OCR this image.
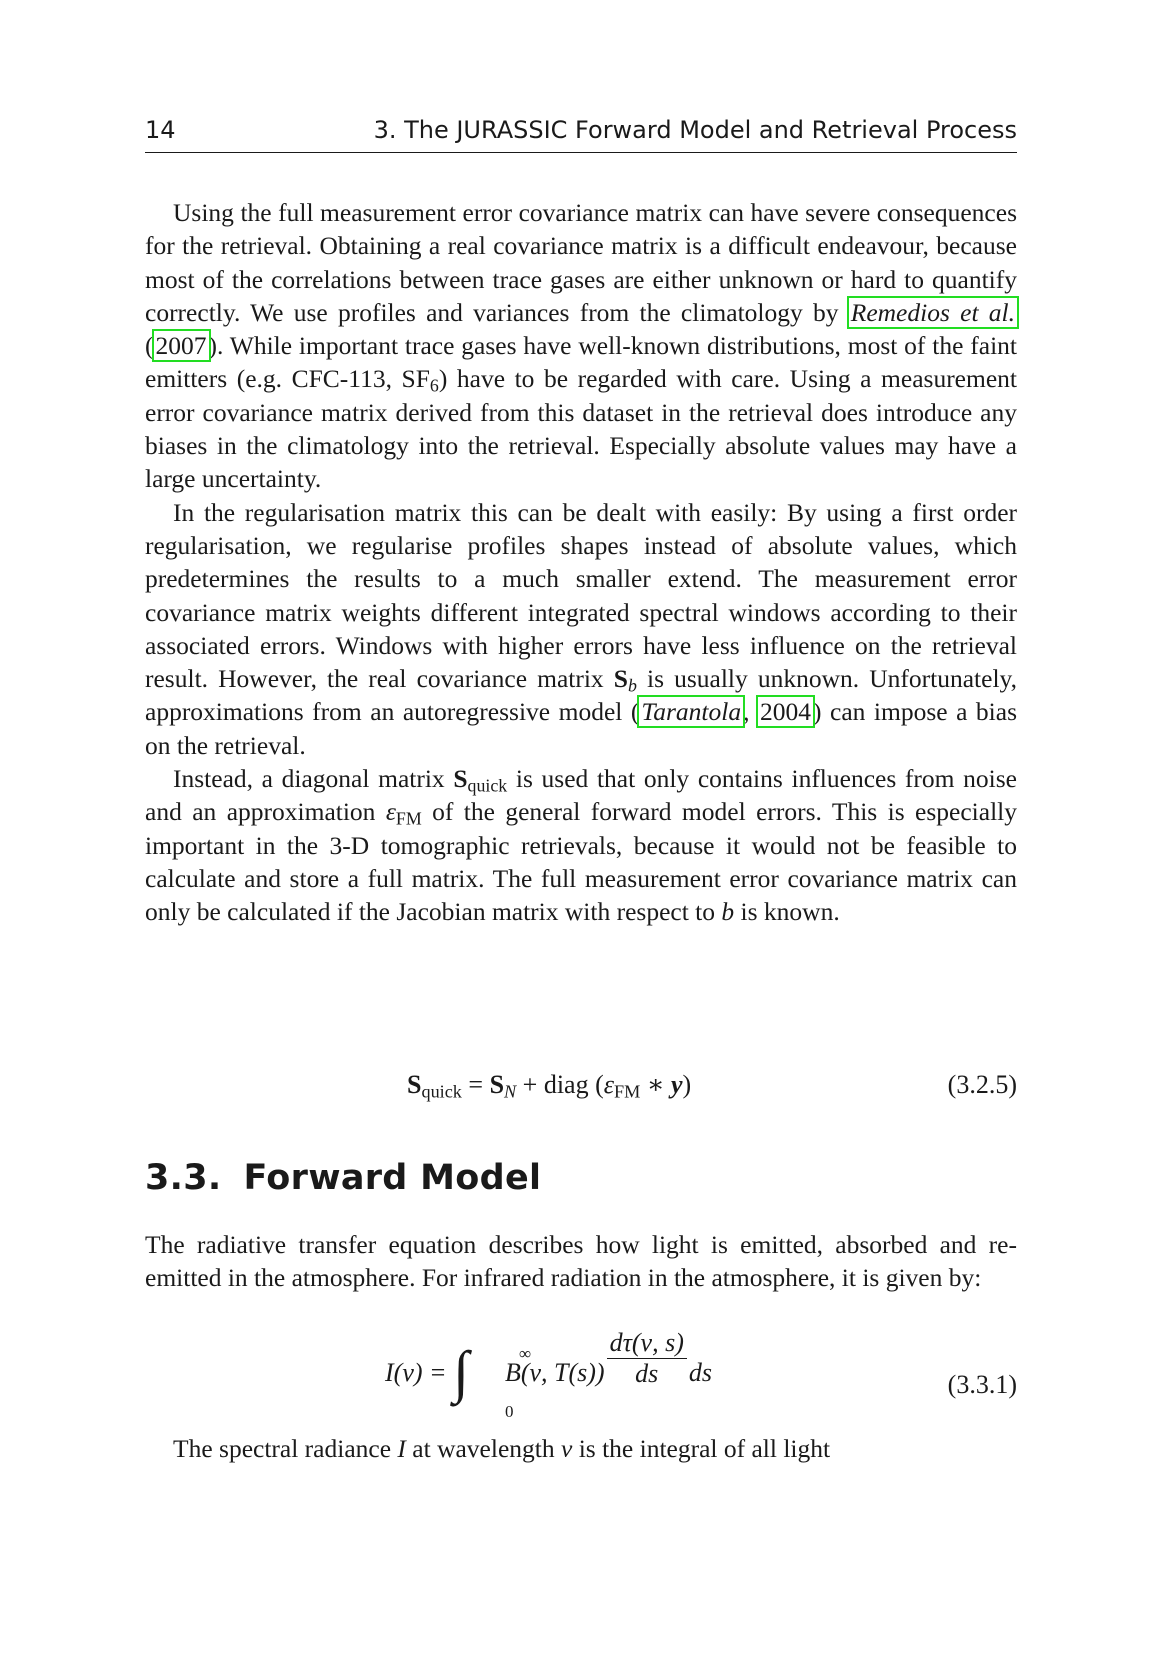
14	3. The JURASSIC Forward Model and Retrieval Process

Using the full measurement error covariance matrix can have severe consequences for the retrieval. Obtaining a real covariance matrix is a difficult endeavour, because most of the correlations between trace gases are either unknown or hard to quantify correctly. We use profiles and variances from the climatology by Remedios et al. (2007). While important trace gases have well-known distributions, most of the faint emitters (e.g. CFC-113, $SF_6$) have to be regarded with care. Using a measurement error covariance matrix derived from this dataset in the retrieval does introduce any biases in the climatology into the retrieval. Especially absolute values may have a large uncertainty.

In the regularisation matrix this can be dealt with easily: By using a first order regularisation, we regularise profiles shapes instead of absolute values, which predetermines the results to a much smaller extend. The measurement error covariance matrix weights different integrated spectral windows according to their associated errors. Windows with higher errors have less influence on the retrieval result. However, the real covariance matrix $S_b$ is usually unknown. Unfortunately, approximations from an autoregressive model (Tarantola, 2004) can impose a bias on the retrieval.

Instead, a diagonal matrix $S_{quick}$ is used that only contains influences from noise and an approximation $\varepsilon_{FM}$ of the general forward model errors. This is especially important in the 3-D tomographic retrievals, because it would not be feasible to calculate and store a full matrix. The full measurement error covariance matrix can only be calculated if the Jacobian matrix with respect to b is known.

$S_{quick} = S_N$ + diag ($\varepsilon_{FM}$ ∗ y)	(3.2.5)
3.3. Forward Model

The radiative transfer equation describes how light is emitted, absorbed and re-emitted in the atmosphere. For infrared radiation in the atmosphere, it is given by:

I(ν) = ∫	∞
0
B(ν, $T(s)) \frac{d\tau(\nu, s)}{ds}$ ds	(3.3.1)

The spectral radiance I at wavelength ν is the integral of all light
